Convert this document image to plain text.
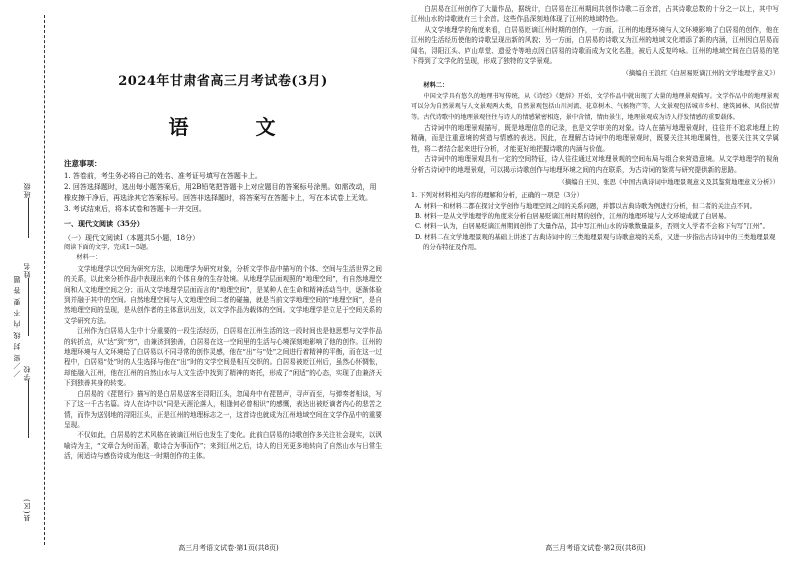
／／密 封 线 内 不 要 答 题
县(区)
学校
姓名
班级
2024年甘肃省高三月考试卷(3月)
语 文
注意事项：

1. 答卷前，考生务必将自己的姓名、准考证号填写在答题卡上。

2. 回答选择题时，选出每小题答案后，用2B铅笔把答题卡上对应题目的答案标号涂黑。如需改动，用橡皮擦干净后，再选涂其它答案标号。回答非选择题时，将答案写在答题卡上，写在本试卷上无效。

3. 考试结束后，将本试卷和答题卡一并交回。

一、现代文阅读（35分）
（一）现代文阅读Ⅰ（本题共5小题，18分）

阅读下面的文字，完成1～5题。

材料一：

文学地理学以空间为研究方法，以地理学为研究对象，分析文学作品中描写的个体、空间与生活世界之间的关系，以此来分析作品中表现出来的个体自身的生存处境。从地理学层面观照的“地理空间”，有自然地理空间和人文地理空间之分；而从文学地理学层面而言的“地理空间”，是某种人在生命和精神活动当中，逐渐体验到并融于其中的空间。自然地理空间与人文地理空间二者的碰撞，就是当前文学地理空间的“地理空间”，是自然地理空间的呈现，是从创作者的主体意识出发，以文学作品为载体的空间。文学地理学是立足于空间关系的文学研究方法。

江州作为白居易人生中十分重要的一段生活经历，白居易在江州生活的这一段时间也是他思想与文学作品的转折点，从“达”到“穷”，由兼济到独善，白居易在这一空间里的生活与心境深刻地影响了他的创作。江州的地理环境与人文环境给了白居易以不同寻常的创作灵感，他在“出”与“处”之间进行着精神的平衡，而在这一过程中，白居易“处”时的人生选择与他在“出”时的文学空间是相互交织的。白居易被贬江州后，虽然心怀惆怅，却能融入江州，他在江州的自然山水与人文生活中找到了精神的寄托，形成了“闲适”的心态，实现了由兼济天下到独善其身的转变。

白居易的《琵琶行》描写的是白居易送客至浔阳江头，忽闻舟中有琵琶声，寻声而至，与弹奏者相谈，写下了这一千古名篇。诗人在诗中以“同是天涯沦落人，相逢何必曾相识”的感慨，表达出被贬谪者内心的悲苦之情，而作为送别地的浔阳江头，正是江州的地理标志之一，这首诗也就成为江州地域空间在文学作品中的重要呈现。

不仅如此，白居易的艺术风格在被谪江州后也发生了变化。此前白居易的诗歌创作多关注社会现实，以讽喻诗为主，“文章合为时而著，歌诗合为事而作”；来到江州之后，诗人的目光更多地转向了自然山水与日常生活，闲适诗与感伤诗成为他这一时期创作的主体。

高三月考语文试卷·第1页(共8页)

白居易在江州创作了大量作品，据统计，白居易在江州期间共创作诗歌二百余首，占其诗歌总数的十分之一以上，其中写江州山水的诗歌就有三十余首。这些作品深刻地体现了江州的地域特色。

从文学地理学的角度来看，白居易贬谪江州时期的创作，一方面，江州的地理环境与人文环境影响了白居易的创作，他在江州的生活经历使他的诗歌呈现出新的风貌；另一方面，白居易的诗歌又为江州的地域文化增添了新的内涵，江州因白居易而闻名，浔阳江头、庐山草堂、遗爱寺等地点因白居易的诗歌而成为文化名胜，被后人反复吟咏。江州的地域空间在白居易的笔下得到了文学化的呈现，形成了独特的文学景观。

（摘编自王浪红《白居易贬谪江州的文学地理学意义》）

材料二：

中国文学具有悠久的地理书写传统，从《诗经》《楚辞》开始，文学作品中就出现了大量的地理景观描写。文学作品中的地理景观可以分为自然景观与人文景观两大类，自然景观包括山川河流、花草树木、气候物产等，人文景观包括城市乡村、建筑园林、风俗民情等。古代诗歌中的地理景观往往与诗人的情感紧密相连，景中含情，情由景生，地理景观成为诗人抒发情感的重要载体。

古诗词中的地理景观描写，既是地理信息的记录，也是文学审美的对象。诗人在描写地理景观时，往往并不追求地理上的精确，而是注重意境的营造与情感的表达。因此，在理解古诗词中的地理景观时，既要关注其地理属性，也要关注其文学属性，将二者结合起来进行分析，才能更好地把握诗歌的内涵与价值。

古诗词中的地理景观具有一定的空间特征，诗人往往通过对地理景观的空间布局与组合来营造意境。从文学地理学的视角分析古诗词中的地理景观，可以揭示诗歌创作与地理环境之间的内在联系，为古诗词的鉴赏与研究提供新的思路。

（摘编自王贝、张思《中国古典诗词中地理景观意义及其鉴赏地理意义分析》）

1. 下列对材料相关内容的理解和分析，正确的一项是（3分）

A. 材料一和材料二都在探讨文学创作与地理空间之间的关系问题，并都以古典诗歌为例进行分析，但二者的关注点不同。

B. 材料一是从文学地理学的角度来分析白居易贬谪江州时期的创作，江州的地理环境与人文环境成就了白居易。

C. 材料一认为，白居易贬谪江州期间创作了大量作品，其中写江州山水的诗歌数量最多，否则文人学者不会称下句写“江州”。

D. 材料二在文学地理景观的基础上讲述了古典诗词中的三类地理景观与诗歌意境的关系，又进一步指出古诗词中的三类地理景观的分布特征及作用。

高三月考语文试卷·第2页(共8页)
